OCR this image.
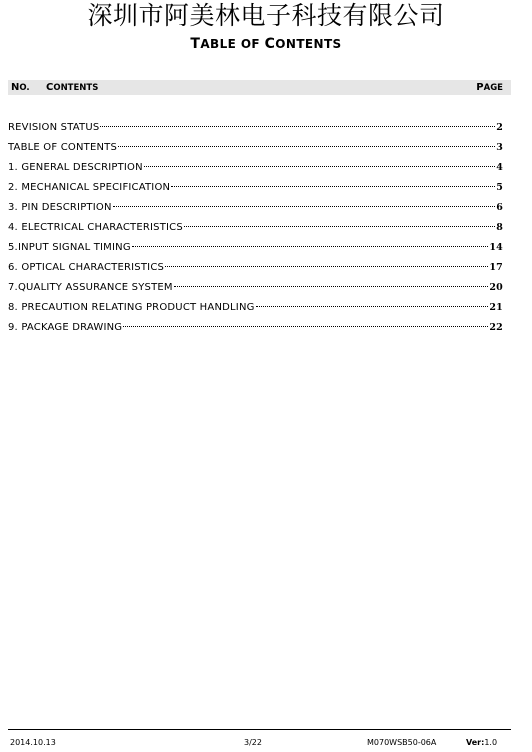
深圳市阿美林电子科技有限公司
TABLE OF CONTENTS
NO. CONTENTS	PAGE
REVISION STATUS	2
TABLE OF CONTENTS	3
1. GENERAL DESCRIPTION	4
2. MECHANICAL SPECIFICATION	5
3. PIN DESCRIPTION	6
4. ELECTRICAL CHARACTERISTICS	8
5.INPUT SIGNAL TIMING	14
6. OPTICAL CHARACTERISTICS	17
7.QUALITY ASSURANCE SYSTEM	20
8. PRECAUTION RELATING PRODUCT HANDLING	21
9. PACKAGE DRAWING	22
2014.10.13	3/22	M070WSB50-06A	Ver:1.0
